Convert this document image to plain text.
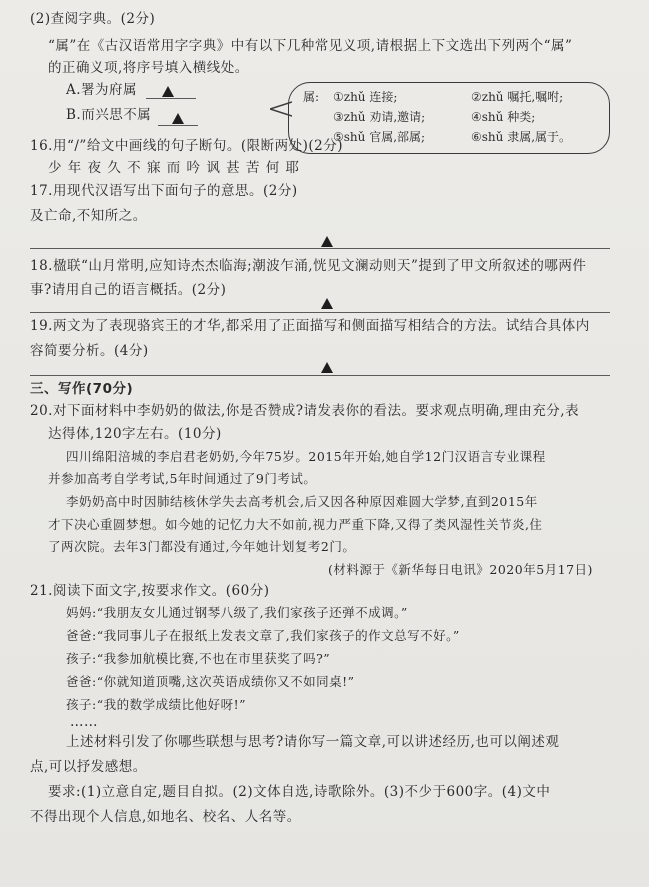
(2)查阅字典。(2分)
“属”在《古汉语常用字字典》中有以下几种常见义项,请根据上下文选出下列两个“属”
的正确义项,将序号填入横线处。
A.署为府属
B.而兴思不属
属: ①zhǔ 连接;	②zhǔ 嘱托,嘱咐;
③zhǔ 劝请,邀请;	④shǔ 种类;
⑤shǔ 官属,部属;	⑥shǔ 隶属,属于。
16.用“/”给文中画线的句子断句。(限断两处)(2分)
少 年 夜 久 不 寐 而 吟 讽 甚 苦 何 耶
17.用现代汉语写出下面句子的意思。(2分)
及亡命,不知所之。
18.楹联“山月常明,应知诗杰杰临海;潮波乍涌,恍见文澜动则天”提到了甲文所叙述的哪两件
事?请用自己的语言概括。(2分)
19.两文为了表现骆宾王的才华,都采用了正面描写和侧面描写相结合的方法。试结合具体内
容简要分析。(4分)
三、写作(70分)
20.对下面材料中李奶奶的做法,你是否赞成?请发表你的看法。要求观点明确,理由充分,表
达得体,120字左右。(10分)
四川绵阳涪城的李启君老奶奶,今年75岁。2015年开始,她自学12门汉语言专业课程
并参加高考自学考试,5年时间通过了9门考试。
李奶奶高中时因肺结核休学失去高考机会,后又因各种原因难圆大学梦,直到2015年
才下决心重圆梦想。如今她的记忆力大不如前,视力严重下降,又得了类风湿性关节炎,住
了两次院。去年3门都没有通过,今年她计划复考2门。
(材料源于《新华每日电讯》2020年5月17日)
21.阅读下面文字,按要求作文。(60分)
妈妈:“我朋友女儿通过钢琴八级了,我们家孩子还弹不成调。”
爸爸:“我同事儿子在报纸上发表文章了,我们家孩子的作文总写不好。”
孩子:“我参加航模比赛,不也在市里获奖了吗?”
爸爸:“你就知道顶嘴,这次英语成绩你又不如同桌!”
孩子:“我的数学成绩比他好呀!”
……
上述材料引发了你哪些联想与思考?请你写一篇文章,可以讲述经历,也可以阐述观
点,可以抒发感想。
要求:(1)立意自定,题目自拟。(2)文体自选,诗歌除外。(3)不少于600字。(4)文中
不得出现个人信息,如地名、校名、人名等。
